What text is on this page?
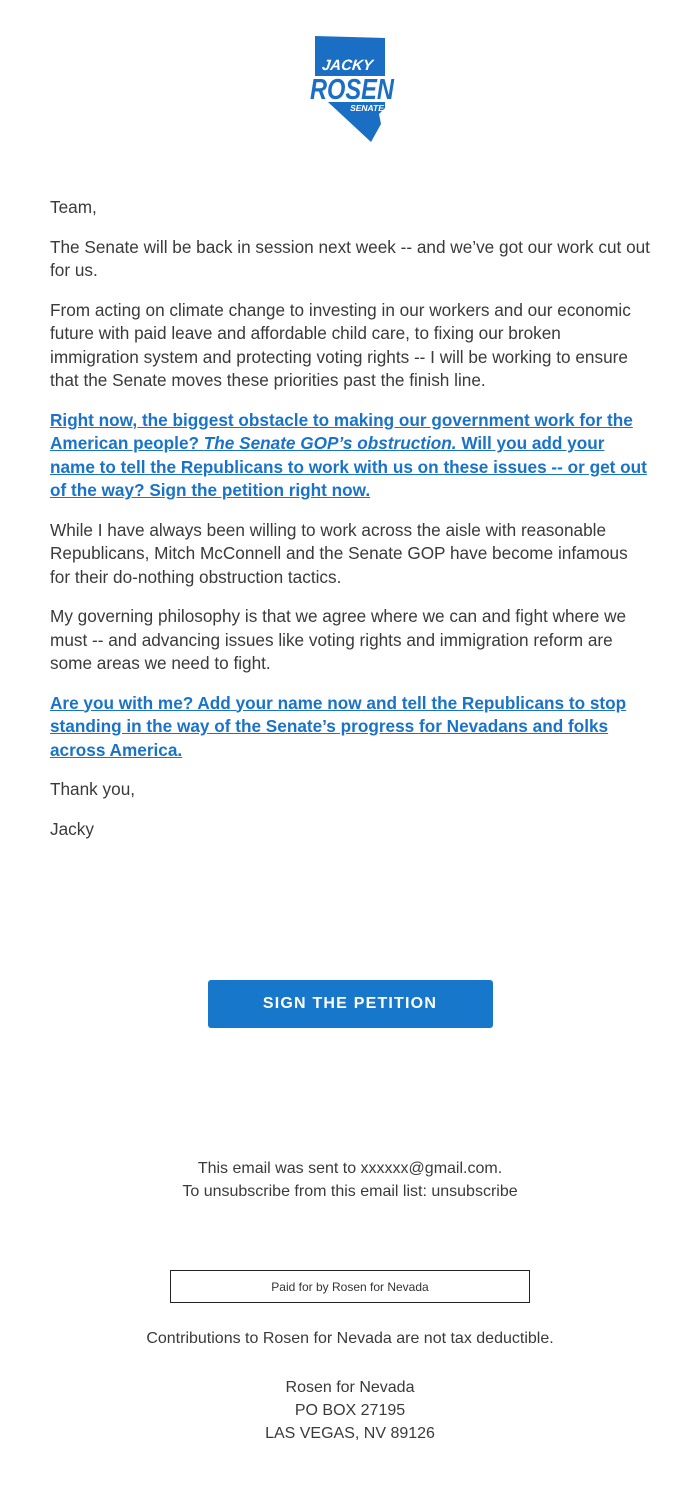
JACKY
ROSEN
SENATE

Team,

The Senate will be back in session next week -- and we’ve got our work cut out for us.

From acting on climate change to investing in our workers and our economic future with paid leave and affordable child care, to fixing our broken immigration system and protecting voting rights -- I will be working to ensure that the Senate moves these priorities past the finish line.

Right now, the biggest obstacle to making our government work for the American people? The Senate GOP’s obstruction. Will you add your name to tell the Republicans to work with us on these issues -- or get out of the way? Sign the petition right now.

While I have always been willing to work across the aisle with reasonable Republicans, Mitch McConnell and the Senate GOP have become infamous for their do-nothing obstruction tactics.

My governing philosophy is that we agree where we can and fight where we must -- and advancing issues like voting rights and immigration reform are some areas we need to fight.

Are you with me? Add your name now and tell the Republicans to stop standing in the way of the Senate’s progress for Nevadans and folks across America.

Thank you,

Jacky

SIGN THE PETITION
This email was sent to xxxxxx@gmail.com.
To unsubscribe from this email list: unsubscribe
Paid for by Rosen for Nevada
Contributions to Rosen for Nevada are not tax deductible.
Rosen for Nevada
PO BOX 27195
LAS VEGAS, NV 89126
